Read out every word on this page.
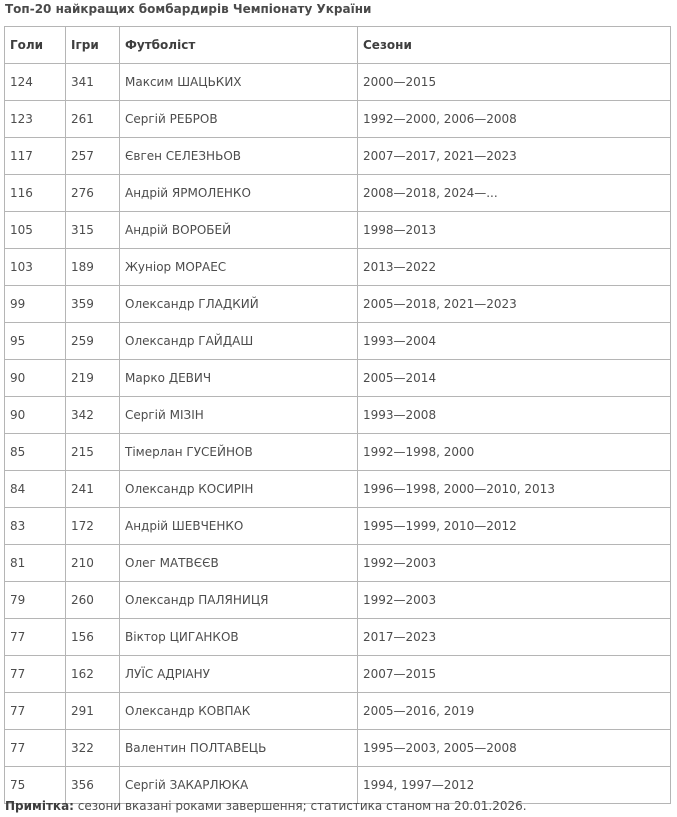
Топ-20 найкращих бомбардирів Чемпіонату України
Голи	Ігри	Футболіст	Сезони
124	341	Максим ШАЦЬКИХ	2000—2015
123	261	Сергій РЕБРОВ	1992—2000, 2006—2008
117	257	Євген СЕЛЕЗНЬОВ	2007—2017, 2021—2023
116	276	Андрій ЯРМОЛЕНКО	2008—2018, 2024—...
105	315	Андрій ВОРОБЕЙ	1998—2013
103	189	Жуніор МОРАЕС	2013—2022
99	359	Олександр ГЛАДКИЙ	2005—2018, 2021—2023
95	259	Олександр ГАЙДАШ	1993—2004
90	219	Марко ДЕВИЧ	2005—2014
90	342	Сергій МІЗІН	1993—2008
85	215	Тімерлан ГУСЕЙНОВ	1992—1998, 2000
84	241	Олександр КОСИРІН	1996—1998, 2000—2010, 2013
83	172	Андрій ШЕВЧЕНКО	1995—1999, 2010—2012
81	210	Олег МАТВЄЄВ	1992—2003
79	260	Олександр ПАЛЯНИЦЯ	1992—2003
77	156	Віктор ЦИГАНКОВ	2017—2023
77	162	ЛУЇС АДРІАНУ	2007—2015
77	291	Олександр КОВПАК	2005—2016, 2019
77	322	Валентин ПОЛТАВЕЦЬ	1995—2003, 2005—2008
75	356	Сергій ЗАКАРЛЮКА	1994, 1997—2012
Примітка: сезони вказані роками завершення; статистика станом на 20.01.2026.
